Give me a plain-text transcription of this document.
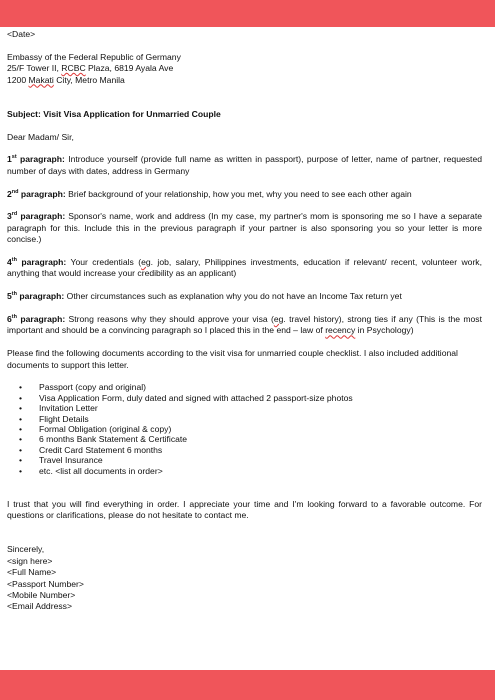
<Date>
Embassy of the Federal Republic of Germany
25/F Tower II, RCBC Plaza, 6819 Ayala Ave
1200 Makati City, Metro Manila
Subject: Visit Visa Application for Unmarried Couple
Dear Madam/ Sir,
1st paragraph: Introduce yourself (provide full name as written in passport), purpose of letter, name of partner, requested number of days with dates, address in Germany
2nd paragraph: Brief background of your relationship, how you met, why you need to see each other again
3rd paragraph: Sponsor's name, work and address (In my case, my partner's mom is sponsoring me so I have a separate paragraph for this. Include this in the previous paragraph if your partner is also sponsoring you so your letter is more concise.)
4th paragraph: Your credentials (eg. job, salary, Philippines investments, education if relevant/ recent, volunteer work, anything that would increase your credibility as an applicant)
5th paragraph: Other circumstances such as explanation why you do not have an Income Tax return yet
6th paragraph: Strong reasons why they should approve your visa (eg. travel history), strong ties if any (This is the most important and should be a convincing paragraph so I placed this in the end – law of recency in Psychology)
Please find the following documents according to the visit visa for unmarried couple checklist. I also included additional documents to support this letter.
• Passport (copy and original)
• Visa Application Form, duly dated and signed with attached 2 passport-size photos
• Invitation Letter
• Flight Details
• Formal Obligation (original & copy)
• 6 months Bank Statement & Certificate
• Credit Card Statement 6 months
• Travel Insurance
• etc. <list all documents in order>
I trust that you will find everything in order. I appreciate your time and I'm looking forward to a favorable outcome. For questions or clarifications, please do not hesitate to contact me.
Sincerely,
<sign here>
<Full Name>
<Passport Number>
<Mobile Number>
<Email Address>
